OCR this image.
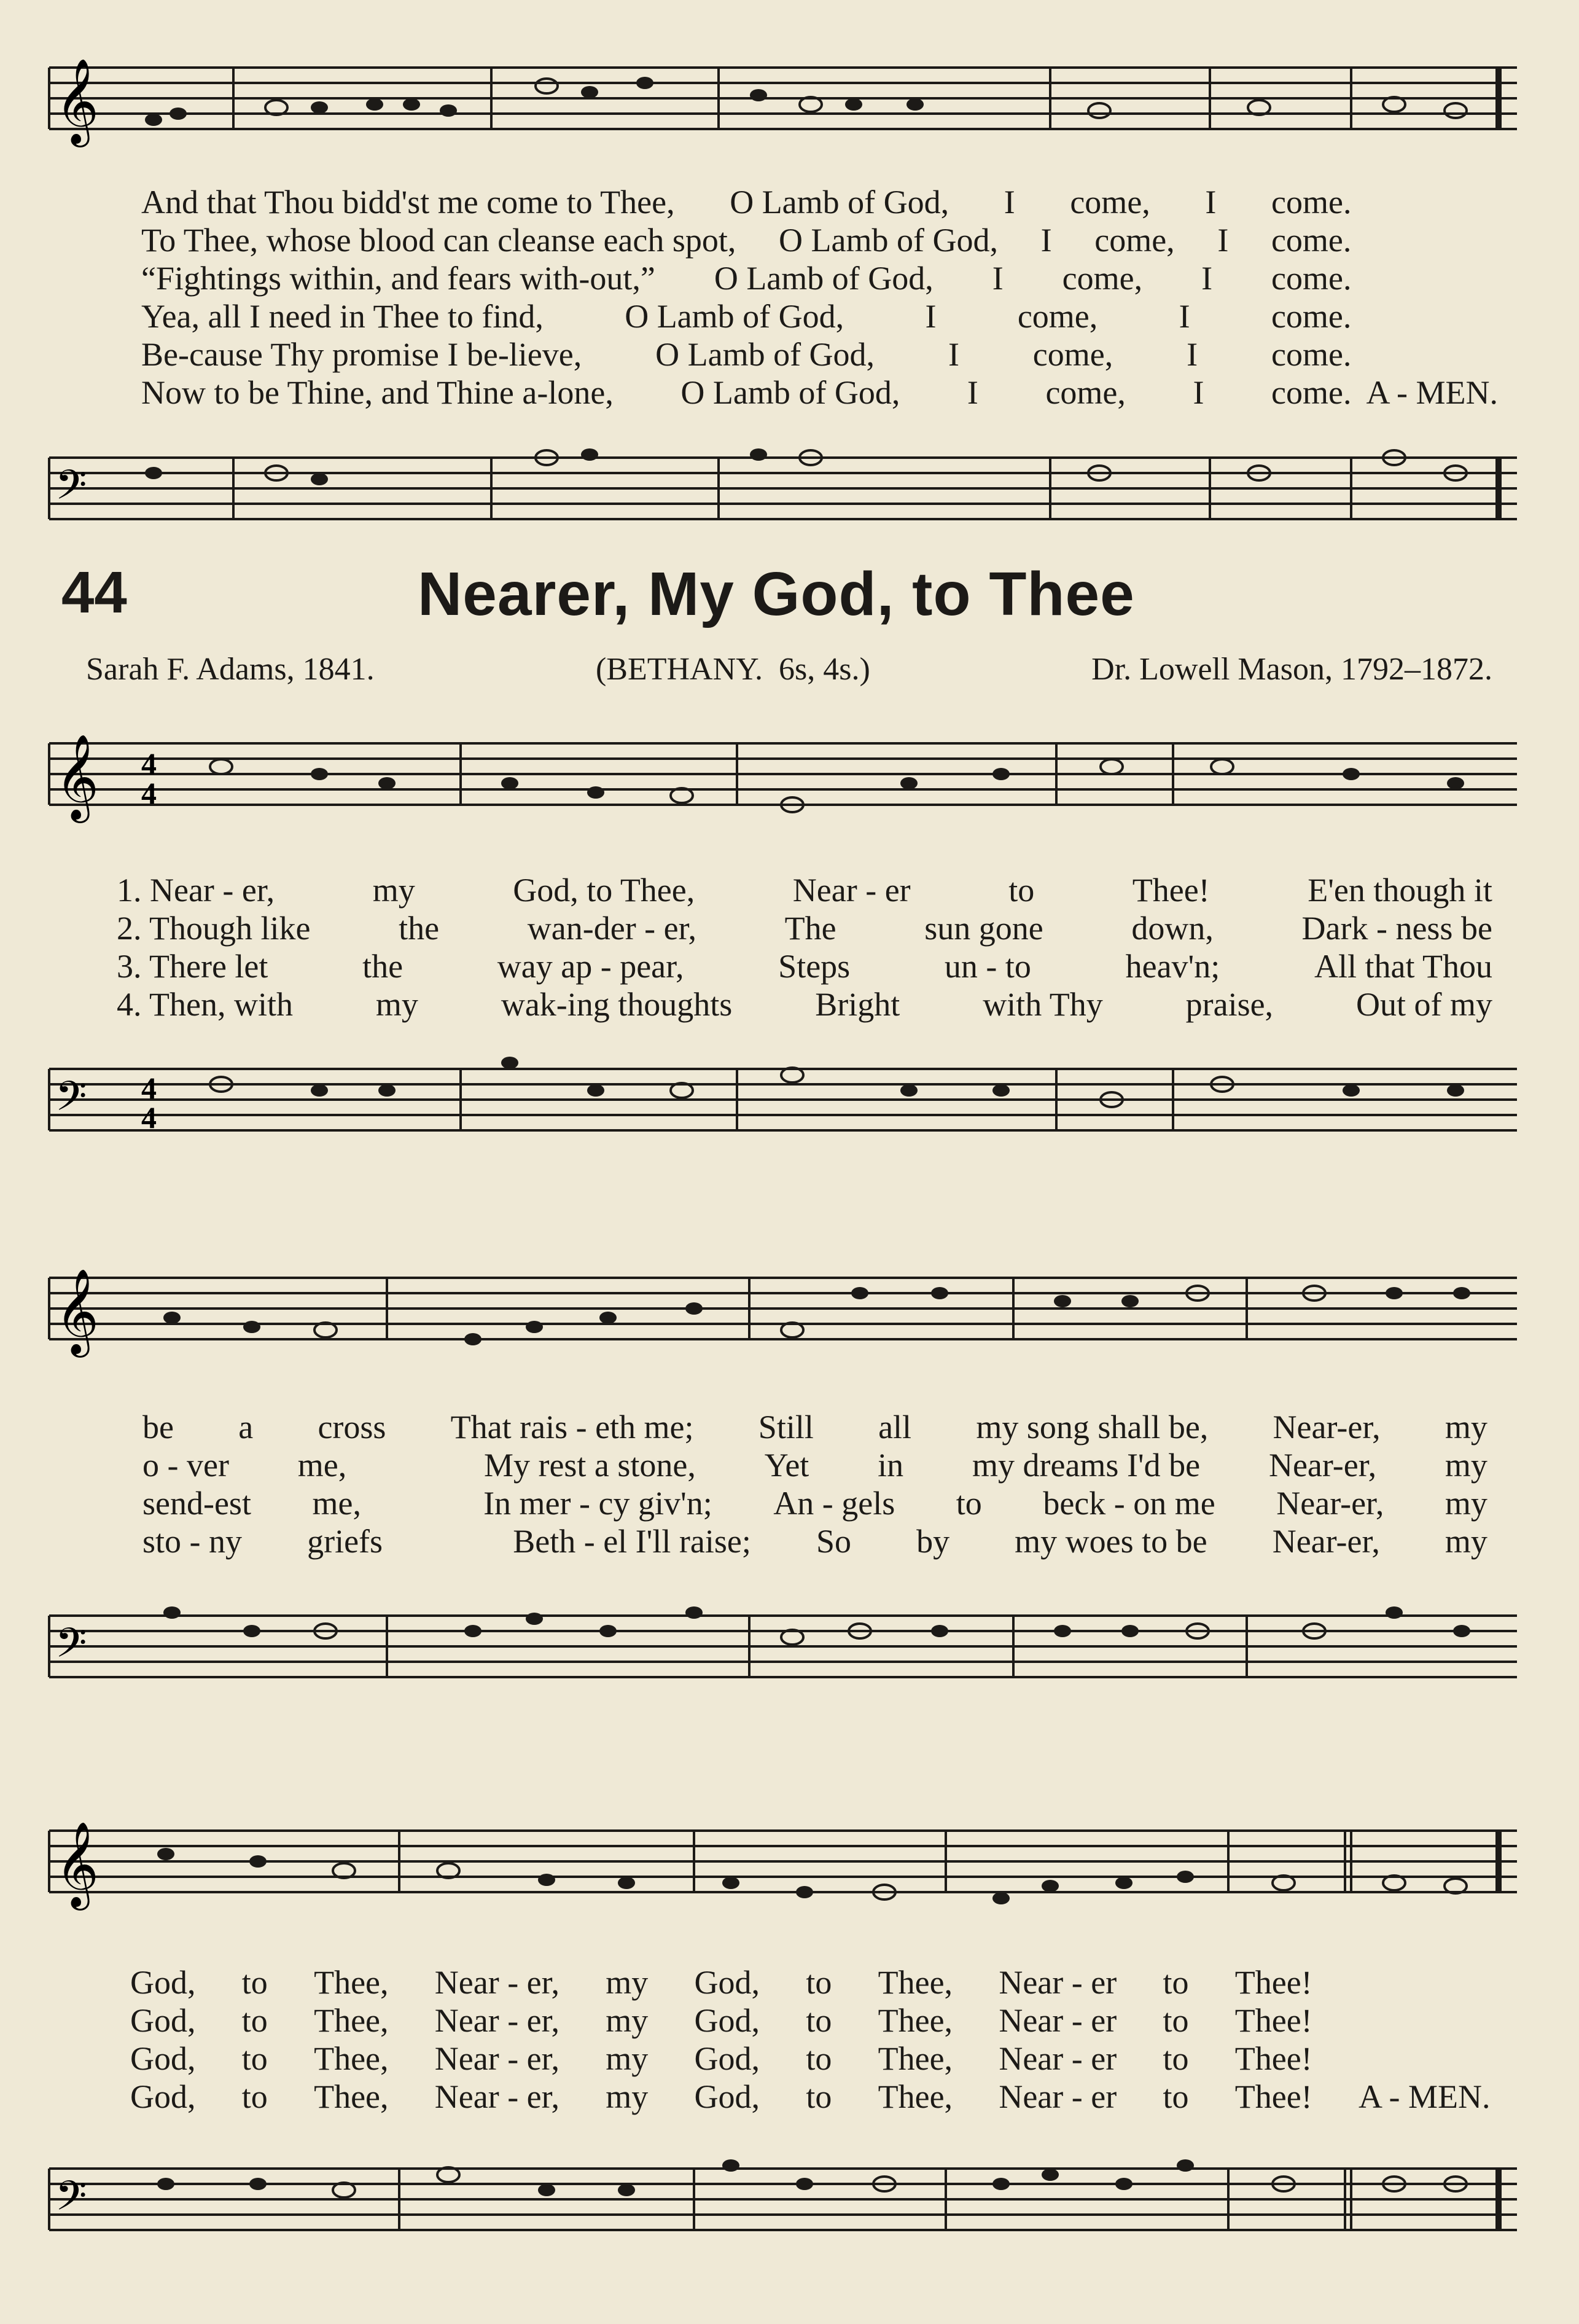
𝄞
And that Thou bidd'st me come to Thee, O Lamb of God, I come, I come.
To Thee, whose blood can cleanse each spot, O Lamb of God, I come, I come.
“Fightings within, and fears with-out,” O Lamb of God, I come, I come.
Yea, all I need in Thee to find, O Lamb of God, I come, I come.
Be-cause Thy promise I be-lieve, O Lamb of God, I come, I come.
Now to be Thine, and Thine a-lone, O Lamb of God, I come, I come.  A - MEN.
𝄢
44	Nearer, My God, to Thee
Sarah F. Adams, 1841.	(BETHANY. 6s, 4s.)	Dr. Lowell Mason, 1792–1872.
𝄞 4
4
1. Near - er,	my	God, to Thee,	Near - er	to	Thee!	E'en though it
2. Though like	the	wan-der - er,	The	sun gone	down,	Dark - ness be
3. There let	the	way ap - pear,	Steps	un - to	heav'n;	All that Thou
4. Then, with my wak-ing thoughts Bright with Thy praise, Out of my
𝄢 4
4
𝄞
be a cross That rais - eth me; Still all my song shall be, Near-er, my
o - ver me,	My rest a stone, Yet in my dreams I'd be Near-er, my
send-est me,	In mer - cy giv'n; An - gels to beck - on me Near-er, my
sto - ny griefs	Beth - el I'll raise; So by my woes to be Near-er, my
𝄢
𝄞
God, to Thee, Near - er, my God, to Thee, Near - er to Thee!
God, to Thee, Near - er, my God, to Thee, Near - er to Thee!
God, to Thee, Near - er, my God, to Thee, Near - er to Thee!
God, to Thee, Near - er, my God, to Thee, Near - er to Thee! A - MEN.
𝄢
